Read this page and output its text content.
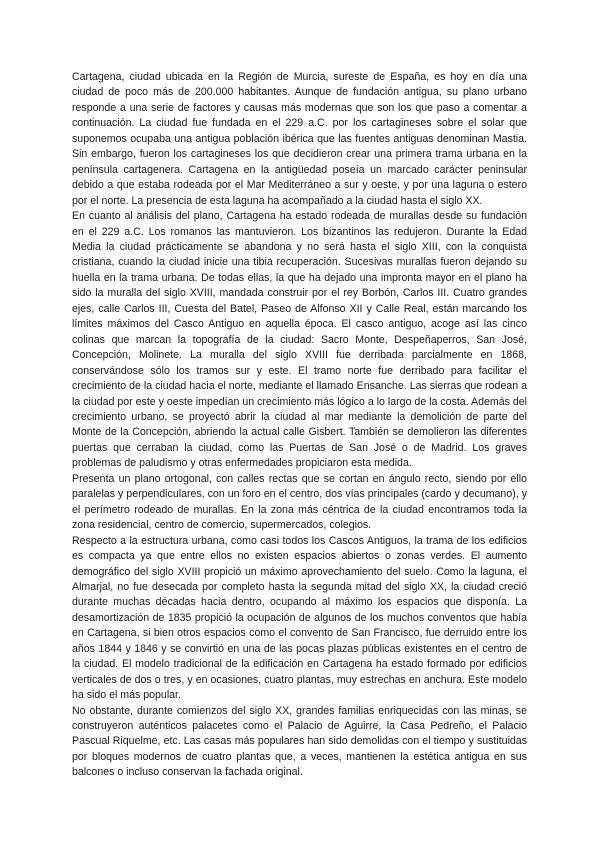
Cartagena, ciudad ubicada en la Región de Murcia, sureste de España, es hoy en día una ciudad de poco más de 200.000 habitantes. Aunque de fundación antigua, su plano urbano responde a una serie de factores y causas más modernas que son los que paso a comentar a continuación. La ciudad fue fundada en el 229 a.C. por los cartagineses sobre el solar que suponemos ocupaba una antigua población ibérica que las fuentes antiguas denominan Mastia. Sin embargo, fueron los cartagineses los que decidieron crear una primera trama urbana en la península cartagenera. Cartagena en la antigüedad poseía un marcado carácter peninsular debido a que estaba rodeada por el Mar Mediterráneo a sur y oeste, y por una laguna o estero por el norte. La presencia de esta laguna ha acompañado a la ciudad hasta el siglo XX.

En cuanto al análisis del plano, Cartagena ha estado rodeada de murallas desde su fundación en el 229 a.C. Los romanos las mantuvieron. Los bizantinos las redujeron. Durante la Edad Media la ciudad prácticamente se abandona y no será hasta el siglo XIII, con la conquista cristiana, cuando la ciudad inicie una tibia recuperación. Sucesivas murallas fueron dejando su huella en la trama urbana. De todas ellas, la que ha dejado una impronta mayor en el plano ha sido la muralla del siglo XVIII, mandada construir por el rey Borbón, Carlos III. Cuatro grandes ejes, calle Carlos III, Cuesta del Batel, Paseo de Alfonso XII y Calle Real, están marcando los límites máximos del Casco Antiguo en aquella época. El casco antiguo, acoge así las cinco colinas que marcan la topografía de la ciudad: Sacro Monte, Despeñaperros, San José, Concepción, Molinete. La muralla del siglo XVIII fue derribada parcialmente en 1868, conservándose sólo los tramos sur y este. El tramo norte fue derribado para facilitar el crecimiento de la ciudad hacia el norte, mediante el llamado Ensanche. Las sierras que rodean a la ciudad por este y oeste impedían un crecimiento más lógico a lo largo de la costa. Además del crecimiento urbano, se proyectó abrir la ciudad al mar mediante la demolición de parte del Monte de la Concepción, abriendo la actual calle Gisbert. También se demolieron las diferentes puertas que cerraban la ciudad, como las Puertas de San José o de Madrid. Los graves problemas de paludismo y otras enfermedades propiciaron esta medida.

Presenta un plano ortogonal, con calles rectas que se cortan en ángulo recto, siendo por ello paralelas y perpendiculares, con un foro en el centro, dos vías principales (cardo y decumano), y el perímetro rodeado de murallas. En la zona más céntrica de la ciudad encontramos toda la zona residencial, centro de comercio, supermercados, colegios.

Respecto a la estructura urbana, como casi todos los Cascos Antiguos, la trama de los edificios es compacta ya que entre ellos no existen espacios abiertos o zonas verdes. El aumento demográfico del siglo XVIII propició un máximo aprovechamiento del suelo. Como la laguna, el Almarjal, no fue desecada por completo hasta la segunda mitad del siglo XX, la ciudad creció durante muchas décadas hacia dentro, ocupando al máximo los espacios que disponía. La desamortización de 1835 propició la ocupación de algunos de los muchos conventos que había en Cartagena, si bien otros espacios como el convento de San Francisco, fue derruido entre los años 1844 y 1846 y se convirtió en una de las pocas plazas públicas existentes en el centro de la ciudad. El modelo tradicional de la edificación en Cartagena ha estado formado por edificios verticales de dos o tres, y en ocasiones, cuatro plantas, muy estrechas en anchura. Este modelo ha sido el más popular.

No obstante, durante comienzos del siglo XX, grandes familias enriquecidas con las minas, se construyeron auténticos palacetes como el Palacio de Aguirre, la Casa Pedreño, el Palacio Pascual Riquelme, etc. Las casas más populares han sido demolidas con el tiempo y sustituidas por bloques modernos de cuatro plantas que, a veces, mantienen la estética antigua en sus balcones o incluso conservan la fachada original.
